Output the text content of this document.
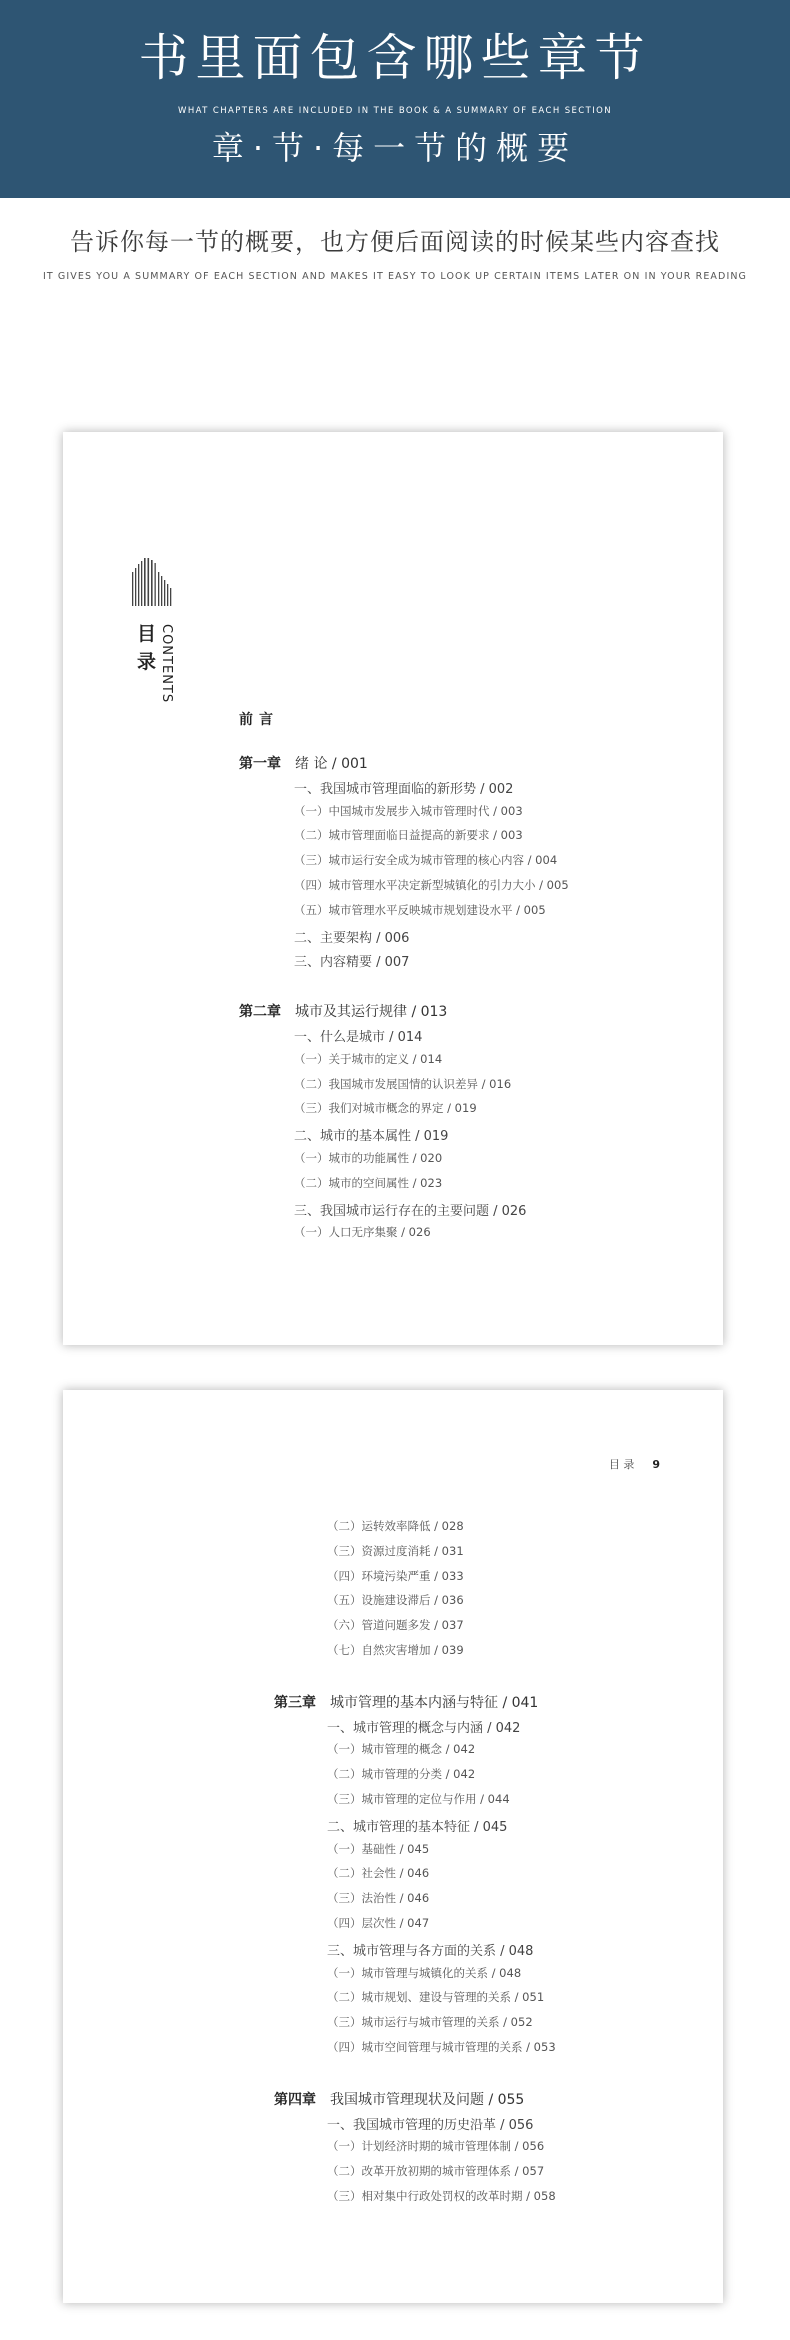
书里面包含哪些章节
WHAT CHAPTERS ARE INCLUDED IN THE BOOK & A SUMMARY OF EACH SECTION
章·节·每一节的概要
告诉你每一节的概要，也方便后面阅读的时候某些内容查找
IT GIVES YOU A SUMMARY OF EACH SECTION AND MAKES IT EASY TO LOOK UP CERTAIN ITEMS LATER ON IN YOUR READING
目录 CONTENTS
前言
第一章 绪 论 / 001
一、我国城市管理面临的新形势 / 002
（一）中国城市发展步入城市管理时代 / 003
（二）城市管理面临日益提高的新要求 / 003
（三）城市运行安全成为城市管理的核心内容 / 004
（四）城市管理水平决定新型城镇化的引力大小 / 005
（五）城市管理水平反映城市规划建设水平 / 005
二、主要架构 / 006
三、内容精要 / 007
第二章 城市及其运行规律 / 013
一、什么是城市 / 014
（一）关于城市的定义 / 014
（二）我国城市发展国情的认识差异 / 016
（三）我们对城市概念的界定 / 019
二、城市的基本属性 / 019
（一）城市的功能属性 / 020
（二）城市的空间属性 / 023
三、我国城市运行存在的主要问题 / 026
（一）人口无序集聚 / 026
目 录 9
（二）运转效率降低 / 028
（三）资源过度消耗 / 031
（四）环境污染严重 / 033
（五）设施建设滞后 / 036
（六）管道问题多发 / 037
（七）自然灾害增加 / 039
第三章 城市管理的基本内涵与特征 / 041
一、城市管理的概念与内涵 / 042
（一）城市管理的概念 / 042
（二）城市管理的分类 / 042
（三）城市管理的定位与作用 / 044
二、城市管理的基本特征 / 045
（一）基础性 / 045
（二）社会性 / 046
（三）法治性 / 046
（四）层次性 / 047
三、城市管理与各方面的关系 / 048
（一）城市管理与城镇化的关系 / 048
（二）城市规划、建设与管理的关系 / 051
（三）城市运行与城市管理的关系 / 052
（四）城市空间管理与城市管理的关系 / 053
第四章 我国城市管理现状及问题 / 055
一、我国城市管理的历史沿革 / 056
（一）计划经济时期的城市管理体制 / 056
（二）改革开放初期的城市管理体系 / 057
（三）相对集中行政处罚权的改革时期 / 058
